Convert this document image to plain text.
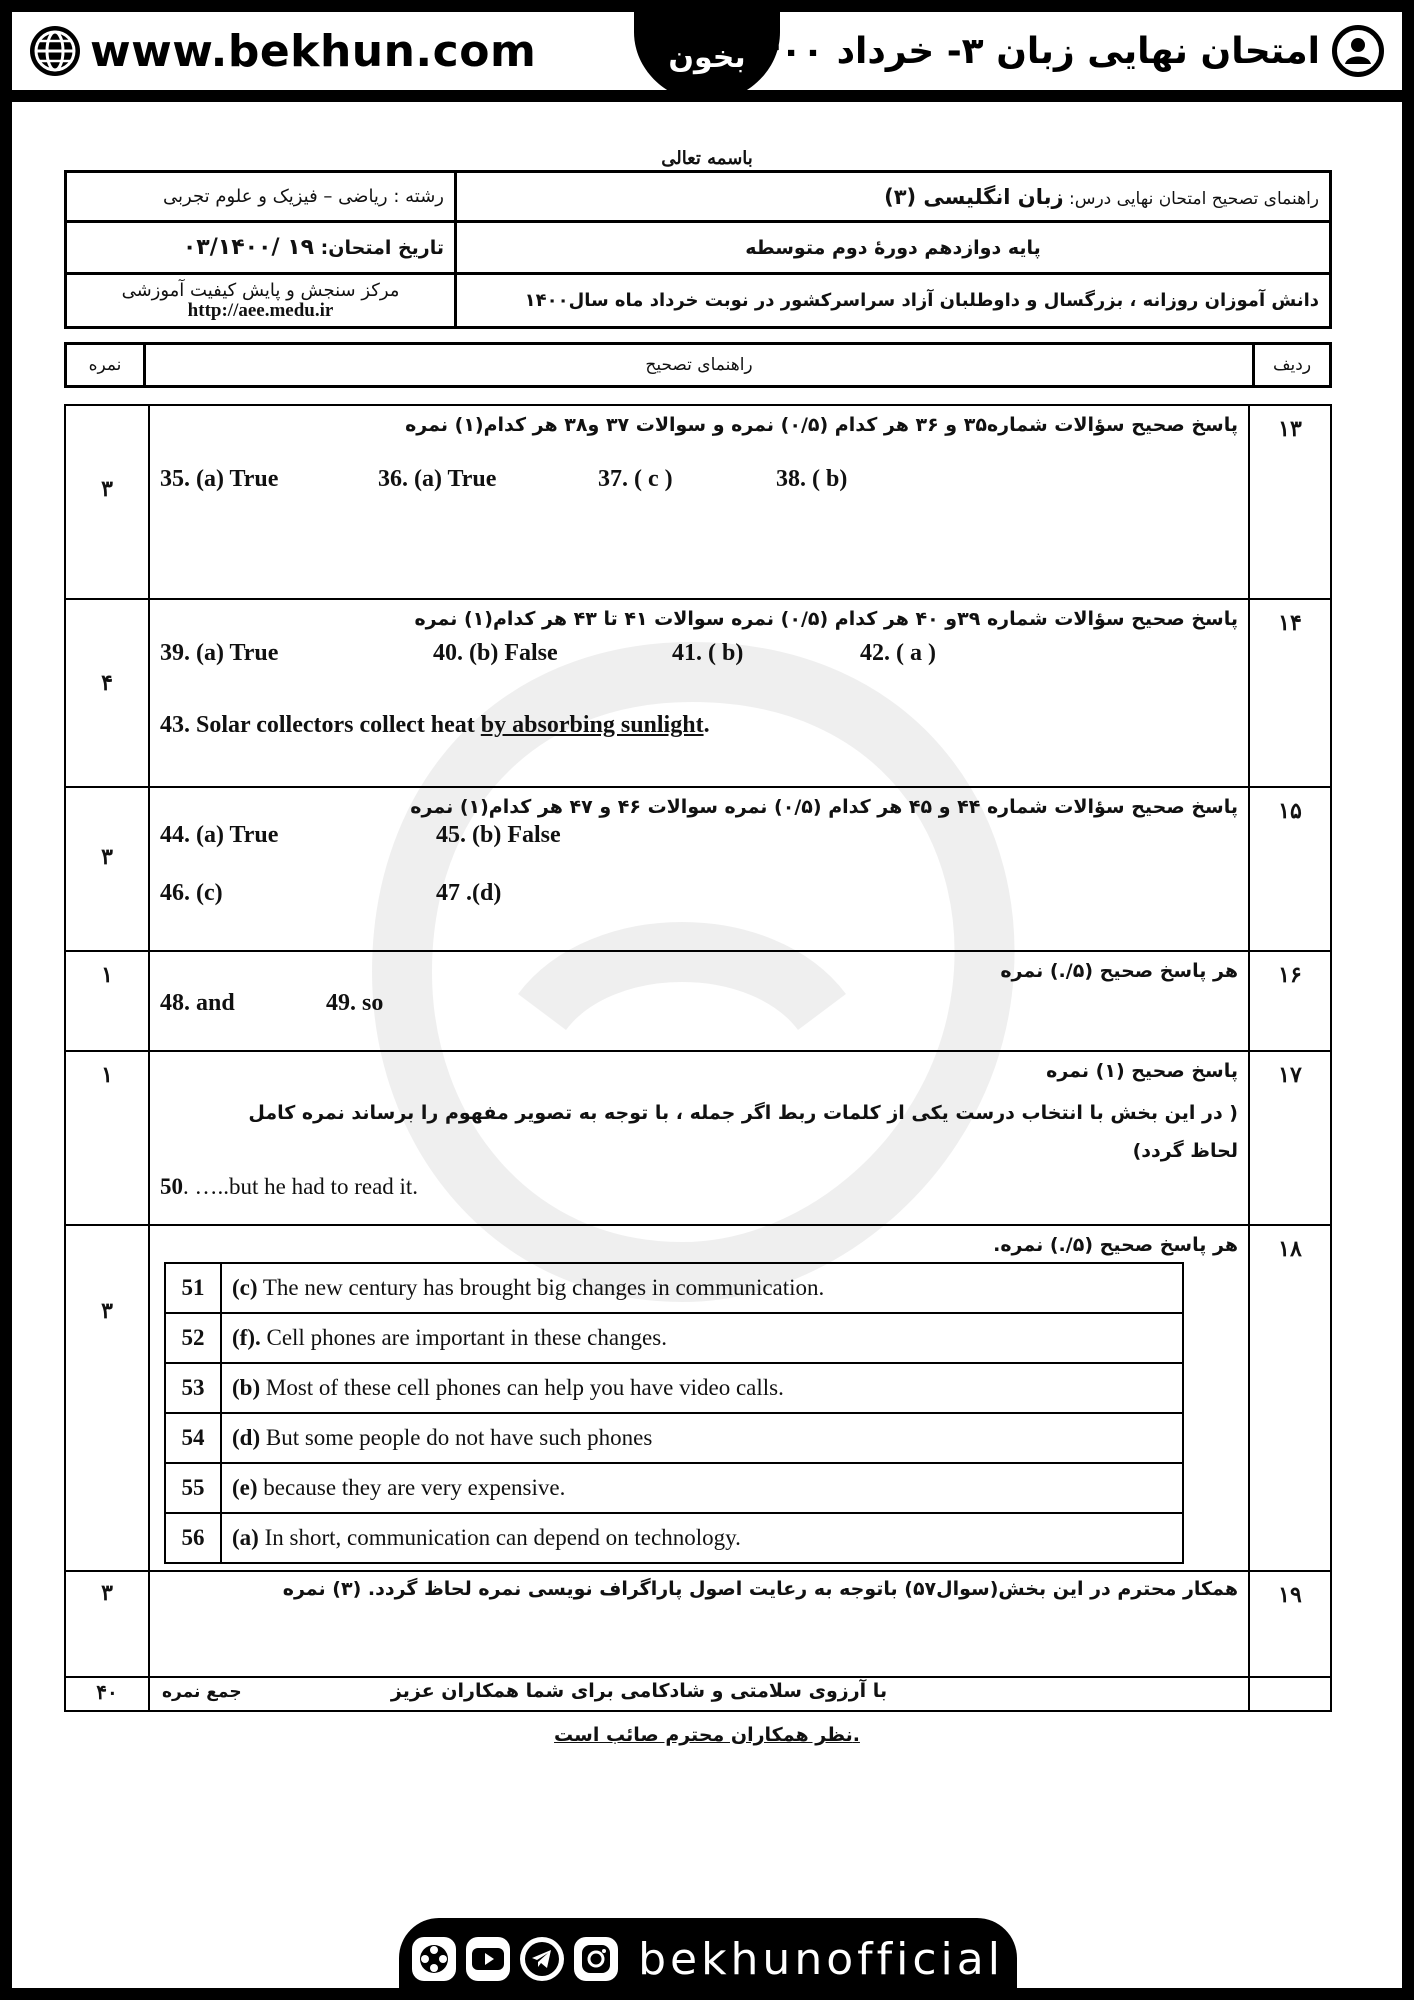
www.bekhun.com	بخون
امتحان نهایی زبان ۳- خرداد ۱۴۰۰
باسمه تعالی
رشته : ریاضی – فیزیک و علوم تجربی	راهنمای تصحیح امتحان نهایی درس: زبان انگلیسی (۳)
تاریخ امتحان: ۱۹ /۰۳/۱۴۰۰	پایه دوازدهم دورهٔ دوم متوسطه

مرکز سنجش و پایش کیفیت آموزشی
http://aee.medu.ir	دانش آموزان روزانه ، بزرگسال و داوطلبان آزاد سراسرکشور در نوبت خرداد ماه سال۱۴۰۰
نمره	راهنمای تصحیح	ردیف
۳	
پاسخ صحیح سؤالات شماره۳۵ و ۳۶ هر کدام (۰/۵) نمره و سوالات ۳۷ و۳۸ هر کدام(۱) نمره
35. (a) True	36. (a) True	37. ( c )	38. ( b)
	۱۳
۴	
پاسخ صحیح سؤالات شماره ۳۹و ۴۰ هر کدام (۰/۵) نمره سوالات ۴۱ تا ۴۳ هر کدام(۱) نمره
39. (a) True	40. (b) False	41. ( b)	42. ( a )
43. Solar collectors collect heat by absorbing sunlight.
	۱۴
۳	
پاسخ صحیح سؤالات شماره ۴۴ و ۴۵ هر کدام (۰/۵) نمره سوالات ۴۶ و ۴۷ هر کدام(۱) نمره
44. (a) True	45. (b) False
46. (c)	47 .(d)
	۱۵
۱	هر پاسخ صحیح (۵/.) نمره
48. and	49. so
	۱۶
۱	پاسخ صحیح (۱) نمره
( در این بخش با انتخاب درست یکی از کلمات ربط اگر جمله ، با توجه به تصویر مفهوم را برساند نمره کامل لحاظ گردد)
50. …..but he had to read it.
	۱۷
۳	
هر پاسخ صحیح (۵/.) نمره.
51	(c) The new century has brought big changes in communication.
52	(f). Cell phones are important in these changes.
53	(b) Most of these cell phones can help you have video calls.
54	(d) But some people do not have such phones
55	(e) because they are very expensive.
56	(a) In short, communication can depend on technology.
	۱۸
۳	همکار محترم در این بخش(سوال۵۷) باتوجه به رعایت اصول پاراگراف نویسی نمره لحاظ گردد. (۳) نمره	۱۹
۴۰	جمع نمره	با آرزوی سلامتی و شادکامی برای شما همکاران عزیز

نظر همکاران محترم صائب است.
bekhunofficial
